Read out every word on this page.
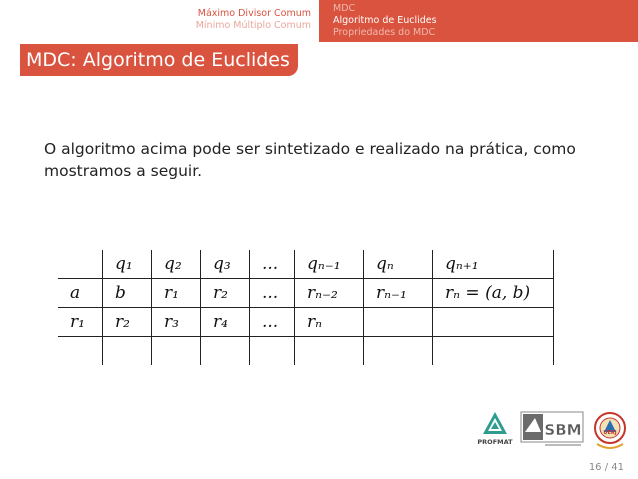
Máximo Divisor Comum
Mínimo Múltiplo Comum
MDC
Algoritmo de Euclides
Propriedades do MDC
MDC: Algoritmo de Euclides
O algoritmo acima pode ser sintetizado e realizado na prática, como mostramos a seguir.
	q₁	q₂	q₃	...	qₙ₋₁	qₙ	qₙ₊₁
a	b	r₁	r₂	...	rₙ₋₂	rₙ₋₁	rₙ = (a, b)
r₁	r₂	r₃	r₄	...	rₙ		

PROFMAT
SBM	UERJ
16 / 41
